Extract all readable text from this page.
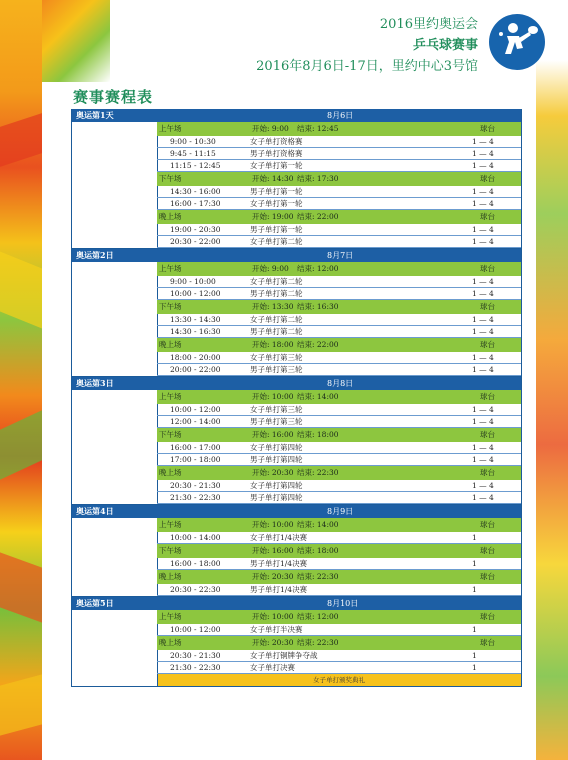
2016里约奥运会
乒乓球赛事
2016年8月6日-17日，里约中心3号馆
赛事赛程表
奥运第1天	8月6日
上午场	开始: 9:00 结束: 12:45	球台
9:00 - 10:30	女子单打资格赛	1 — 4
9:45 - 11:15	男子单打资格赛	1 — 4
11:15 - 12:45	女子单打第一轮	1 — 4
下午场	开始: 14:30 结束: 17:30	球台
14:30 - 16:00	男子单打第一轮	1 — 4
16:00 - 17:30	女子单打第一轮	1 — 4
晚上场	开始: 19:00 结束: 22:00	球台
19:00 - 20:30	男子单打第一轮	1 — 4
20:30 - 22:00	女子单打第二轮	1 — 4
奥运第2日	8月7日
上午场	开始: 9:00 结束: 12:00	球台
9:00 - 10:00	女子单打第二轮	1 — 4
10:00 - 12:00	男子单打第二轮	1 — 4
下午场	开始: 13:30 结束: 16:30	球台
13:30 - 14:30	女子单打第二轮	1 — 4
14:30 - 16:30	男子单打第二轮	1 — 4
晚上场	开始: 18:00 结束: 22:00	球台
18:00 - 20:00	女子单打第三轮	1 — 4
20:00 - 22:00	男子单打第三轮	1 — 4
奥运第3日	8月8日
上午场	开始: 10:00 结束: 14:00	球台
10:00 - 12:00	女子单打第三轮	1 — 4
12:00 - 14:00	男子单打第三轮	1 — 4
下午场	开始: 16:00 结束: 18:00	球台
16:00 - 17:00	女子单打第四轮	1 — 4
17:00 - 18:00	男子单打第四轮	1 — 4
晚上场	开始: 20:30 结束: 22:30	球台
20:30 - 21:30	女子单打第四轮	1 — 4
21:30 - 22:30	男子单打第四轮	1 — 4
奥运第4日	8月9日
上午场	开始: 10:00 结束: 14:00	球台
10:00 - 14:00	女子单打1/4决赛	1
下午场	开始: 16:00 结束: 18:00	球台
16:00 - 18:00	男子单打1/4决赛	1
晚上场	开始: 20:30 结束: 22:30	球台
20:30 - 22:30	男子单打1/4决赛	1
奥运第5日	8月10日
上午场	开始: 10:00 结束: 12:00	球台
10:00 - 12:00	女子单打半决赛	1
晚上场	开始: 20:30 结束: 22:30	球台
20:30 - 21:30	女子单打铜牌争夺战	1
21:30 - 22:30	女子单打决赛	1
女子单打颁奖典礼
